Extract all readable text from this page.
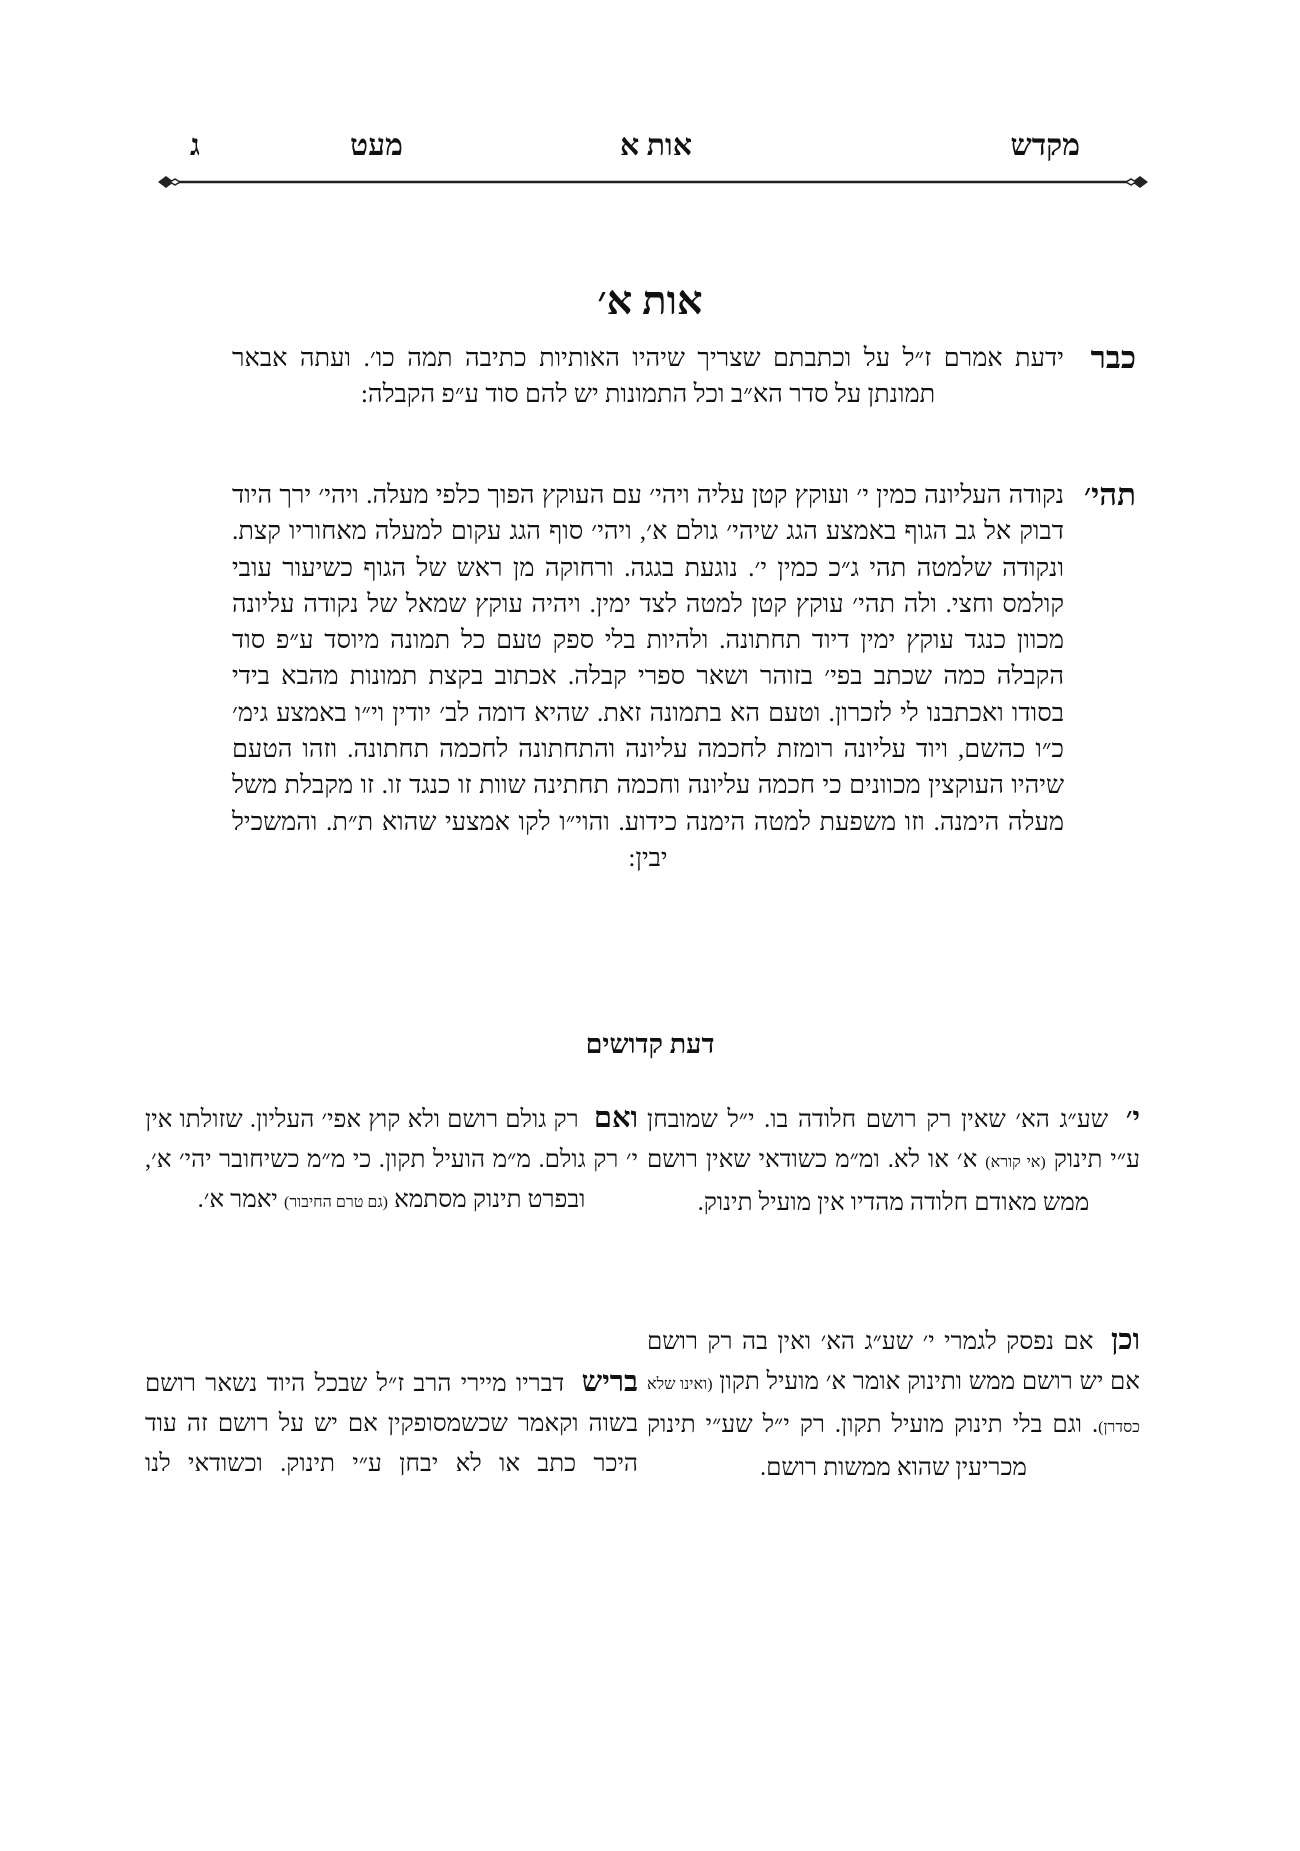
מקדש
אות א
מעט
ג
אות א׳
כבר
ידעת אמרם ז״ל על וכתבתם שצריך שיהיו האותיות כתיבה תמה כו׳. ועתה אבאר תמונתן על סדר הא״ב וכל התמונות יש להם סוד ע״פ הקבלה:
תהי׳
נקודה העליונה כמין י׳ ועוקץ קטן עליה ויהי׳ עם העוקץ הפוך כלפי מעלה. ויהי׳ ירך היוד דבוק אל גב הגוף באמצע הגג שיהי׳ גולם א׳, ויהי׳ סוף הגג עקום למעלה מאחוריו קצת. ונקודה שלמטה תהי ג״כ כמין י׳. נוגעת בגגה. ורחוקה מן ראש של הגוף כשיעור עובי קולמס וחצי. ולה תהי׳ עוקץ קטן למטה לצד ימין. ויהיה עוקץ שמאל של נקודה עליונה מכוון כנגד עוקץ ימין דיוד תחתונה. ולהיות בלי ספק טעם כל תמונה מיוסד ע״פ סוד הקבלה כמה שכתב בפי׳ בזוהר ושאר ספרי קבלה. אכתוב בקצת תמונות מהבא בידי בסודו ואכתבנו לי לזכרון. וטעם הא בתמונה זאת. שהיא דומה לב׳ יודין וי״ו באמצע גימ׳ כ״ו כהשם, ויוד עליונה רומזת לחכמה עליונה והתחתונה לחכמה תחתונה. וזהו הטעם שיהיו העוקצין מכוונים כי חכמה עליונה וחכמה תחתינה שוות זו כנגד זו. זו מקבלת משל מעלה הימנה. וזו משפעת למטה הימנה כידוע. והוי״ו לקו אמצעי שהוא ת״ת. והמשכיל יבין:
דעת קדושים
י׳ שע״ג הא׳ שאין רק רושם חלודה בו. י״ל שמובחן ע״י תינוק (אי קורא) א׳ או לא. ומ״מ כשודאי שאין רושם ממש מאודם חלודה מהדיו אין מועיל תינוק.
וכן אם נפסק לגמרי י׳ שע״ג הא׳ ואין בה רק רושם אם יש רושם ממש ותינוק אומר א׳ מועיל תקון (ואינו שלא כסדרן). וגם בלי תינוק מועיל תקון. רק י״ל שע״י תינוק מכריעין שהוא ממשות רושם.
ואם רק גולם רושם ולא קוץ אפי׳ העליון. שזולתו אין י׳ רק גולם. מ״מ הועיל תקון. כי מ״מ כשיחובר יהי׳ א׳, ובפרט תינוק מסתמא (גם טרם החיבור) יאמר א׳.
בריש דבריו מיירי הרב ז״ל שבכל היוד נשאר רושם בשוה וקאמר שכשמסופקין אם יש על רושם זה עוד היכר כתב או לא יבחן ע״י תינוק. וכשודאי לנו
